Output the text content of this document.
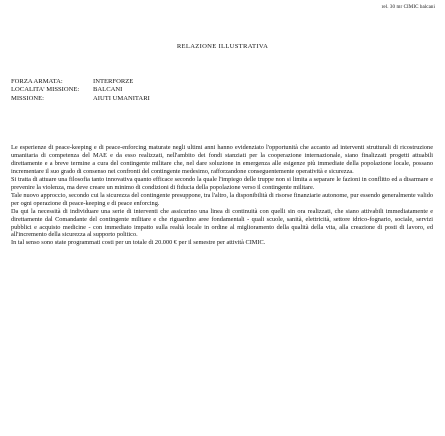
rel. 30 mr CIMIC balcani
RELAZIONE ILLUSTRATIVA
FORZA ARMATA:	INTERFORZE
LOCALITA' MISSIONE:	BALCANI
MISSIONE:	AIUTI UMANITARI

Le esperienze di peace-keeping e di peace-enforcing maturate negli ultimi anni hanno evidenziato l'opportunità che accanto ad interventi strutturali di ricostruzione umanitaria di competenza del MAE e da esso realizzati, nell'ambito dei fondi stanziati per la cooperazione internazionale, siano finalizzati progetti attuabili direttamente e a breve termine a cura del contingente militare che, nel dare soluzione in emergenza alle esigenze più immediate della popolazione locale, possano incrementare il suo grado di consenso nei confronti del contingente medesimo, rafforzandone conseguentemente operatività e sicurezza.

Si tratta di attuare una filosofia tanto innovativa quanto efficace secondo la quale l'impiego delle truppe non si limita a separare le fazioni in conflitto ed a disarmare e prevenire la violenza, ma deve creare un minimo di condizioni di fiducia della popolazione verso il contingente militare.

Tale nuovo approccio, secondo cui la sicurezza del contingente presuppone, tra l'altro, la disponibilità di risorse finanziarie autonome, pur essendo generalmente valido per ogni operazione di peace-keeping e di peace enforcing.

Da qui la necessità di individuare una serie di interventi che assicurino una linea di continuità con quelli sin ora realizzati, che siano attivabili immediatamente e direttamente dal Comandante del contingente militare e che riguardino aree fondamentali - quali scuole, sanità, elettricità, settore idrico-fognario, sociale, servizi pubblici e acquisto medicine - con immediato impatto sulla realtà locale in ordine al miglioramento della qualità della vita, alla creazione di posti di lavoro, ed all'incremento della sicurezza al supporto politico.

In tal senso sono state programmati costi per un totale di 20.000 € per il semestre per attività CIMIC.
